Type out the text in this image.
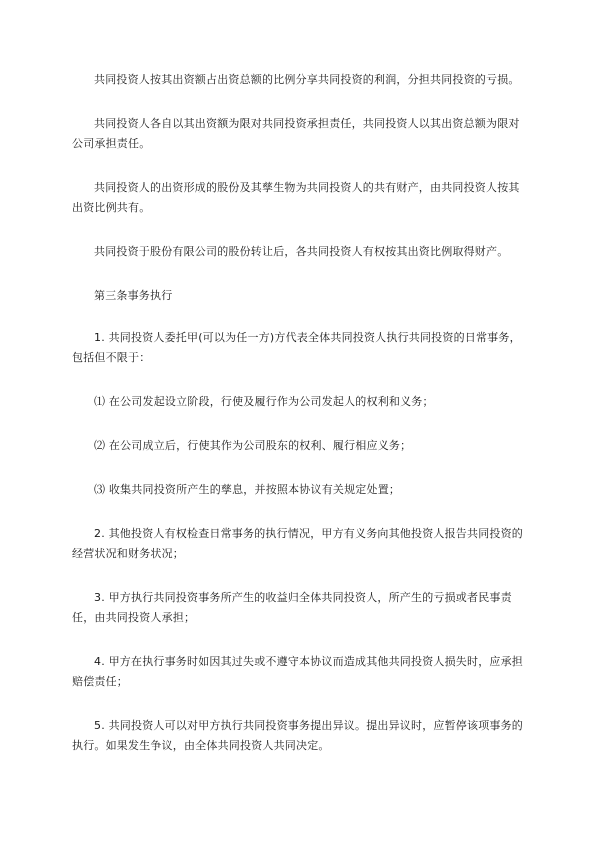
共同投资人按其出资额占出资总额的比例分享共同投资的利润，分担共同投资的亏损。

共同投资人各自以其出资额为限对共同投资承担责任，共同投资人以其出资总额为限对公司承担责任。

共同投资人的出资形成的股份及其孳生物为共同投资人的共有财产，由共同投资人按其出资比例共有。

共同投资于股份有限公司的股份转让后，各共同投资人有权按其出资比例取得财产。

第三条事务执行

1. 共同投资人委托甲(可以为任一方)方代表全体共同投资人执行共同投资的日常事务，包括但不限于：

⑴ 在公司发起设立阶段，行使及履行作为公司发起人的权利和义务；

⑵ 在公司成立后，行使其作为公司股东的权利、履行相应义务；

⑶ 收集共同投资所产生的孳息，并按照本协议有关规定处置；

2. 其他投资人有权检查日常事务的执行情况，甲方有义务向其他投资人报告共同投资的经营状况和财务状况；

3. 甲方执行共同投资事务所产生的收益归全体共同投资人，所产生的亏损或者民事责任，由共同投资人承担；

4. 甲方在执行事务时如因其过失或不遵守本协议而造成其他共同投资人损失时，应承担赔偿责任；

5. 共同投资人可以对甲方执行共同投资事务提出异议。提出异议时，应暂停该项事务的执行。如果发生争议，由全体共同投资人共同决定。
